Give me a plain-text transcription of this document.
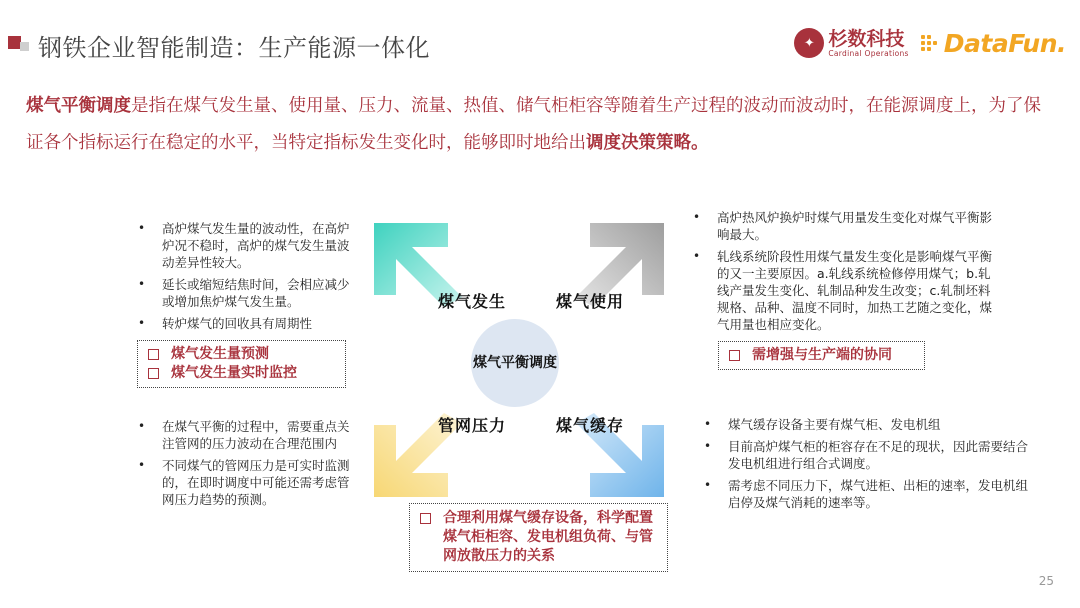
钢铁企业智能制造：生产能源一体化	✦ 杉数科技
Cardinal Operations DataFun.
煤气平衡调度是指在煤气发生量、使用量、压力、流量、热值、储气柜柜容等随着生产过程的波动而波动时，在能源调度上，为了保证各个指标运行在稳定的水平，当特定指标发生变化时，能够即时地给出调度决策策略。
• 高炉煤气发生量的波动性，在高炉炉况不稳时，高炉的煤气发生量波动差异性较大。
• 延长或缩短结焦时间，会相应减少或增加焦炉煤气发生量。
• 转炉煤气的回收具有周期性
煤气发生量预测
煤气发生量实时监控
• 高炉热风炉换炉时煤气用量发生变化对煤气平衡影响最大。
• 轧线系统阶段性用煤气量发生变化是影响煤气平衡的又一主要原因。a.轧线系统检修停用煤气；b.轧线产量发生变化、轧制品种发生改变；c.轧制坯料规格、品种、温度不同时，加热工艺随之变化，煤气用量也相应变化。
需增强与生产端的协同
• 在煤气平衡的过程中，需要重点关注管网的压力波动在合理范围内
• 不同煤气的管网压力是可实时监测的，在即时调度中可能还需考虑管网压力趋势的预测。
• 煤气缓存设备主要有煤气柜、发电机组
• 目前高炉煤气柜的柜容存在不足的现状，因此需要结合发电机组进行组合式调度。
• 需考虑不同压力下，煤气进柜、出柜的速率，发电机组启停及煤气消耗的速率等。
合理利用煤气缓存设备，科学配置煤气柜柜容、发电机组负荷、与管网放散压力的关系
煤气平 衡调度
煤气发生	煤气使用
管网压力	煤气缓存
25
